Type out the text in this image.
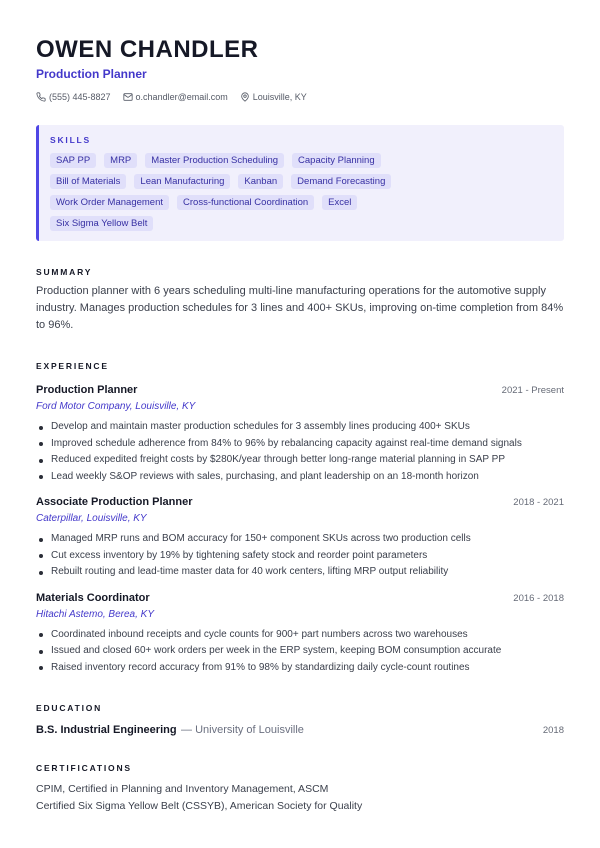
OWEN CHANDLER
Production Planner
(555) 445-8827	o.chandler@email.com	Louisville, KY
SKILLS
SAP PP	MRP	Master Production Scheduling	Capacity Planning
Bill of Materials	Lean Manufacturing	Kanban	Demand Forecasting
Work Order Management	Cross-functional Coordination	Excel
Six Sigma Yellow Belt
SUMMARY
Production planner with 6 years scheduling multi-line manufacturing operations for the automotive supply industry. Manages production schedules for 3 lines and 400+ SKUs, improving on-time completion from 84% to 96%.
EXPERIENCE
Production Planner	2021 - Present
Ford Motor Company, Louisville, KY
Develop and maintain master production schedules for 3 assembly lines producing 400+ SKUs
Improved schedule adherence from 84% to 96% by rebalancing capacity against real-time demand signals
Reduced expedited freight costs by $280K/year through better long-range material planning in SAP PP
Lead weekly S&OP reviews with sales, purchasing, and plant leadership on an 18-month horizon
Associate Production Planner	2018 - 2021
Caterpillar, Louisville, KY
Managed MRP runs and BOM accuracy for 150+ component SKUs across two production cells
Cut excess inventory by 19% by tightening safety stock and reorder point parameters
Rebuilt routing and lead-time master data for 40 work centers, lifting MRP output reliability
Materials Coordinator	2016 - 2018
Hitachi Astemo, Berea, KY
Coordinated inbound receipts and cycle counts for 900+ part numbers across two warehouses
Issued and closed 60+ work orders per week in the ERP system, keeping BOM consumption accurate
Raised inventory record accuracy from 91% to 98% by standardizing daily cycle-count routines
EDUCATION
B.S. Industrial Engineering — University of Louisville	2018
CERTIFICATIONS
CPIM, Certified in Planning and Inventory Management, ASCM
Certified Six Sigma Yellow Belt (CSSYB), American Society for Quality
